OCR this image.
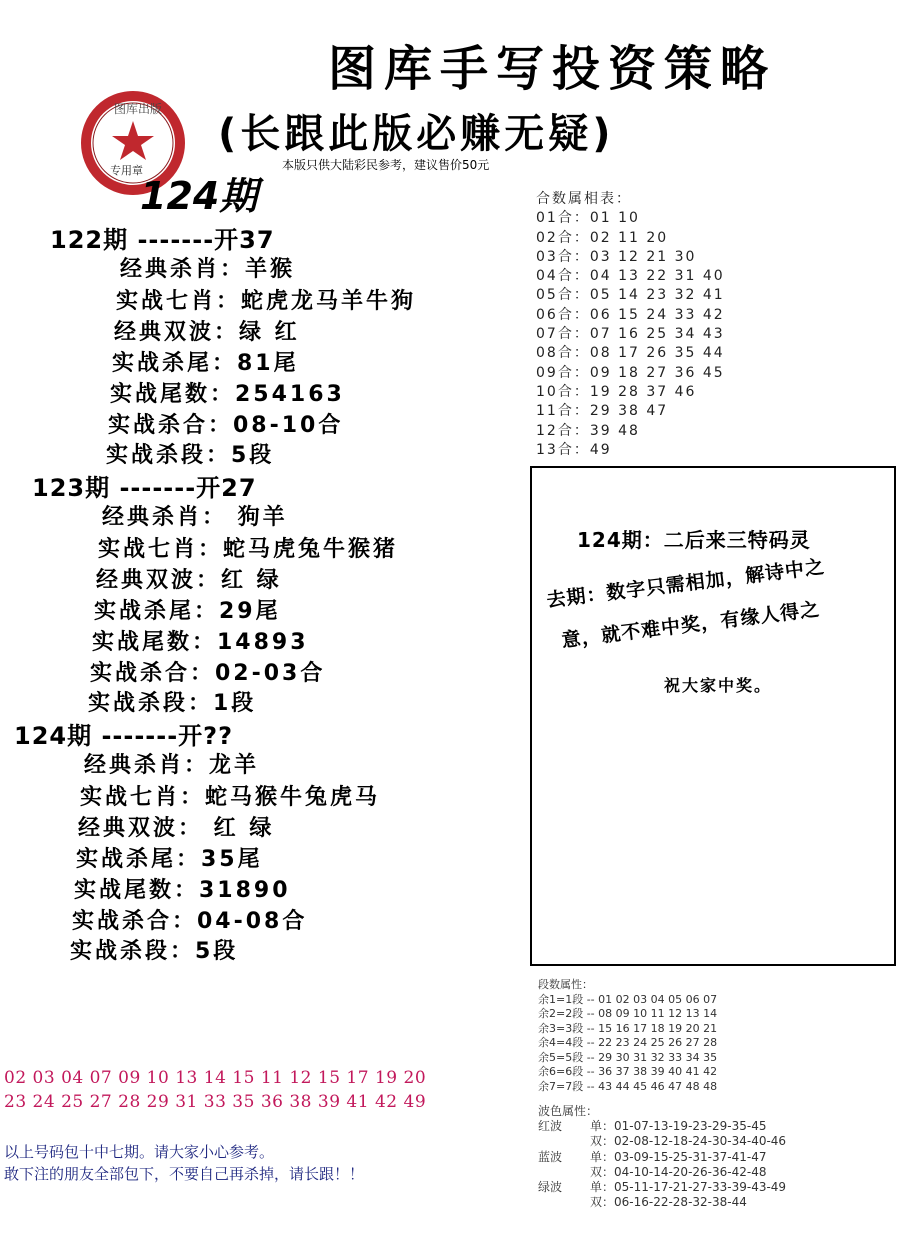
图库手写投资策略
(长跟此版必赚无疑)
本版只供大陆彩民参考，建议售价50元
图库出版
专用章
124期
122期 -------开37
经典杀肖：羊猴
实战七肖：蛇虎龙马羊牛狗
经典双波：绿 红
实战杀尾：81尾
实战尾数：254163
实战杀合：08-10合
实战杀段：5段
123期 -------开27
经典杀肖： 狗羊
实战七肖：蛇马虎兔牛猴猪
经典双波：红 绿
实战杀尾：29尾
实战尾数：14893
实战杀合：02-03合
实战杀段：1段
124期 -------开??
经典杀肖：龙羊
实战七肖：蛇马猴牛兔虎马
经典双波： 红 绿
实战杀尾：35尾
实战尾数：31890
实战杀合：04-08合
实战杀段：5段
合数属相表：
01合：01 10
02合：02 11 20
03合：03 12 21 30
04合：04 13 22 31 40
05合：05 14 23 32 41
06合：06 15 24 33 42
07合：07 16 25 34 43
08合：08 17 26 35 44
09合：09 18 27 36 45
10合：19 28 37 46
11合：29 38 47
12合：39 48
13合：49
124期：二后来三特码灵
去期：数字只需相加，解诗中之
意，就不难中奖，有缘人得之
祝大家中奖。
段数属性：
余1=1段 -- 01 02 03 04 05 06 07
余2=2段 -- 08 09 10 11 12 13 14
余3=3段 -- 15 16 17 18 19 20 21
余4=4段 -- 22 23 24 25 26 27 28
余5=5段 -- 29 30 31 32 33 34 35
余6=6段 -- 36 37 38 39 40 41 42
余7=7段 -- 43 44 45 46 47 48 48
波色属性：
红波	单： 01-07-13-19-23-29-35-45
双： 02-08-12-18-24-30-34-40-46
蓝波	单： 03-09-15-25-31-37-41-47
双： 04-10-14-20-26-36-42-48
绿波	单： 05-11-17-21-27-33-39-43-49
双： 06-16-22-28-32-38-44
02 03 04 07 09 10 13 14 15 11 12 15 17 19 20
23 24 25 27 28 29 31 33 35 36 38 39 41 42 49
以上号码包十中七期。请大家小心参考。
敢下注的朋友全部包下，不要自己再杀掉，请长跟！！
